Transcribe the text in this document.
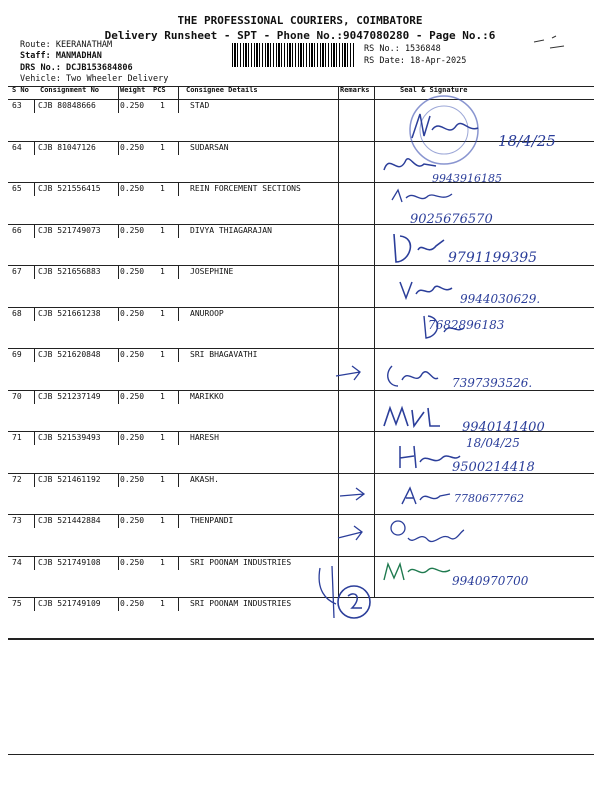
THE PROFESSIONAL COURIERS, COIMBATORE
Delivery Runsheet - SPT - Phone No.:9047080280 - Page No.:6
Route: KEERANATHAM
Staff: MANMADHAN
DRS No.: DCJB153684806
Vehicle: Two Wheeler Delivery
RS No.: 1536848
RS Date: 18-Apr-2025
S No Consignment No	Weight PCS	Consignee Details	Remarks	Seal & Signature
63 CJB 80848666	0.250 1	STAD
64 CJB 81047126	0.250 1	SUDARSAN
65 CJB 521556415 0.250 1	REIN FORCEMENT SECTIONS
66 CJB 521749073 0.250 1	DIVYA THIAGARAJAN
67 CJB 521656883 0.250 1	JOSEPHINE
68 CJB 521661238 0.250 1	ANUROOP
69 CJB 521620848 0.250 1	SRI BHAGAVATHI
70 CJB 521237149 0.250 1	MARIKKO
71 CJB 521539493 0.250 1	HARESH
72 CJB 521461192 0.250 1	AKASH.
73 CJB 521442884 0.250 1	THENPANDI
74 CJB 521749108 0.250 1	SRI POONAM INDUSTRIES
75 CJB 521749109 0.250 1	SRI POONAM INDUSTRIES
18/4/25
9943916185
9025676570
9791199395
9944030629.
7682896183
7397393526.
9940141400
18/04/25
9500214418
7780677762
9940970700
